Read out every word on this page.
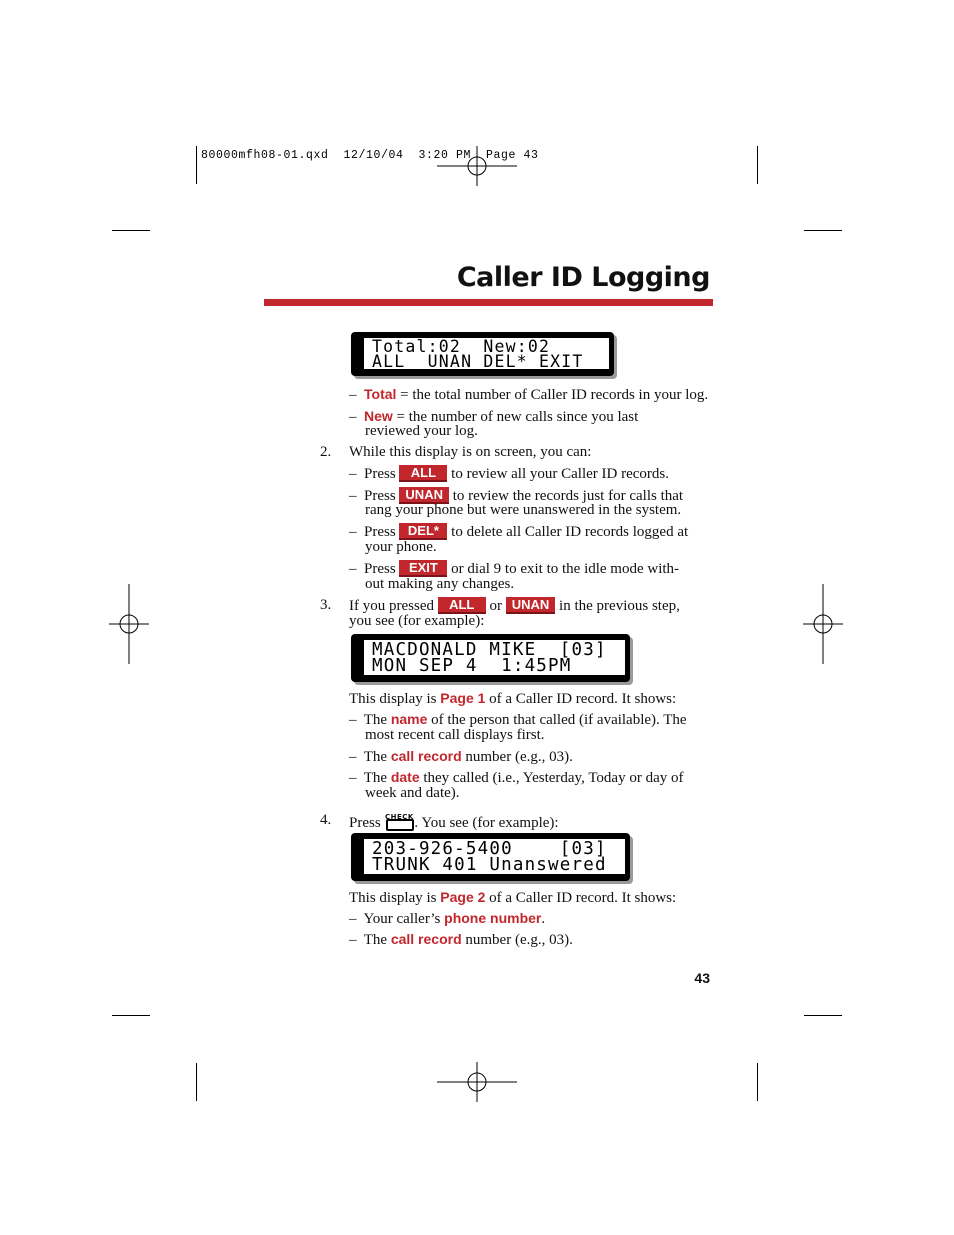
80000mfh08-01.qxd  12/10/04  3:20 PM  Page 43
Caller ID Logging
Total:02  New:02
ALL  UNAN DEL* EXIT
– Total = the total number of Caller ID records in your log.
– New = the number of new calls since you last
reviewed your log.
2. While this display is on screen, you can:
– Press ALL to review all your Caller ID records.
– Press UNAN to review the records just for calls that
rang your phone but were unanswered in the system.
– Press DEL* to delete all Caller ID records logged at
your phone.
– Press EXIT or dial 9 to exit to the idle mode with-
out making any changes.
3. If you pressed ALL or UNAN in the previous step,
you see (for example):
MACDONALD MIKE  [03]
MON SEP 4  1:45PM
This display is Page 1 of a Caller ID record. It shows:
– The name of the person that called (if available). The
most recent call displays first.
– The call record number (e.g., 03).
– The date they called (i.e., Yesterday, Today or day of
week and date).
4. Press CHECK . You see (for example):
203-926-5400    [03]
TRUNK 401 Unanswered
This display is Page 2 of a Caller ID record. It shows:
– Your caller’s phone number.
– The call record number (e.g., 03).
43
